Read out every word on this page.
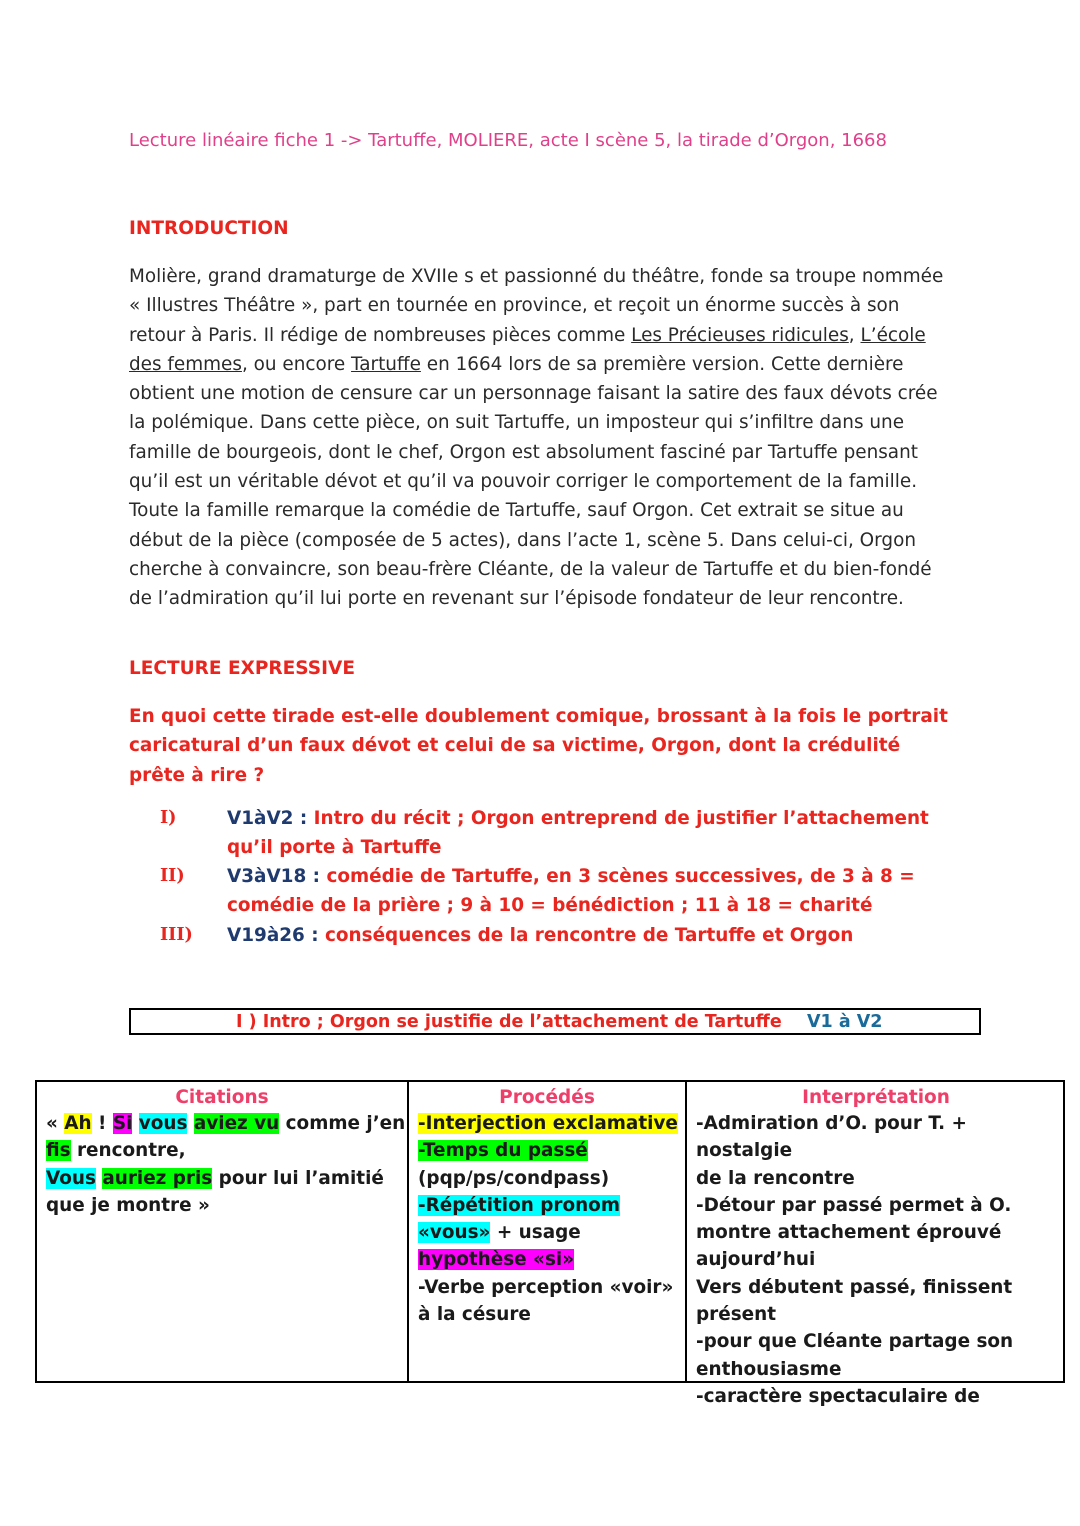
Lecture linéaire fiche 1 -> Tartuffe, MOLIERE, acte I scène 5, la tirade d’Orgon, 1668
INTRODUCTION
Molière, grand dramaturge de XVIIe s et passionné du théâtre, fonde sa troupe nommée « Illustres Théâtre », part en tournée en province, et reçoit un énorme succès à son retour à Paris. Il rédige de nombreuses pièces comme Les Précieuses ridicules, L’école des femmes, ou encore Tartuffe en 1664 lors de sa première version. Cette dernière obtient une motion de censure car un personnage faisant la satire des faux dévots crée la polémique. Dans cette pièce, on suit Tartuffe, un imposteur qui s’infiltre dans une famille de bourgeois, dont le chef, Orgon est absolument fasciné par Tartuffe pensant qu’il est un véritable dévot et qu’il va pouvoir corriger le comportement de la famille. Toute la famille remarque la comédie de Tartuffe, sauf Orgon. Cet extrait se situe au début de la pièce (composée de 5 actes), dans l’acte 1, scène 5. Dans celui-ci, Orgon cherche à convaincre, son beau-frère Cléante, de la valeur de Tartuffe et du bien-fondé de l’admiration qu’il lui porte en revenant sur l’épisode fondateur de leur rencontre.
LECTURE EXPRESSIVE
En quoi cette tirade est-elle doublement comique, brossant à la fois le portrait caricatural d’un faux dévot et celui de sa victime, Orgon, dont la crédulité prête à rire ?
I)	V1àV2 : Intro du récit ; Orgon entreprend de justifier l’attachement qu’il porte à Tartuffe
II) V3àV18 : comédie de Tartuffe, en 3 scènes successives, de 3 à 8 = comédie de la prière ; 9 à 10 = bénédiction ; 11 à 18 = charité
III) V19à26 : conséquences de la rencontre de Tartuffe et Orgon
I ) Intro ; Orgon se justifie de l’attachement de Tartuffe V1 à V2
Citations
« Ah ! Si vous aviez vu comme j’en
fis rencontre,
Vous auriez pris pour lui l’amitié
que je montre »
Procédés
-Interjection exclamative
-Temps du passé
(pqp/ps/condpass)
-Répétition pronom
«vous» + usage
hypothèse «si»
-Verbe perception «voir»
à la césure
Interprétation
-Admiration d’O. pour T. + nostalgie
de la rencontre
-Détour par passé permet à O.
montre attachement éprouvé
aujourd’hui
Vers débutent passé, finissent
présent
-pour que Cléante partage son
enthousiasme
-caractère spectaculaire de
